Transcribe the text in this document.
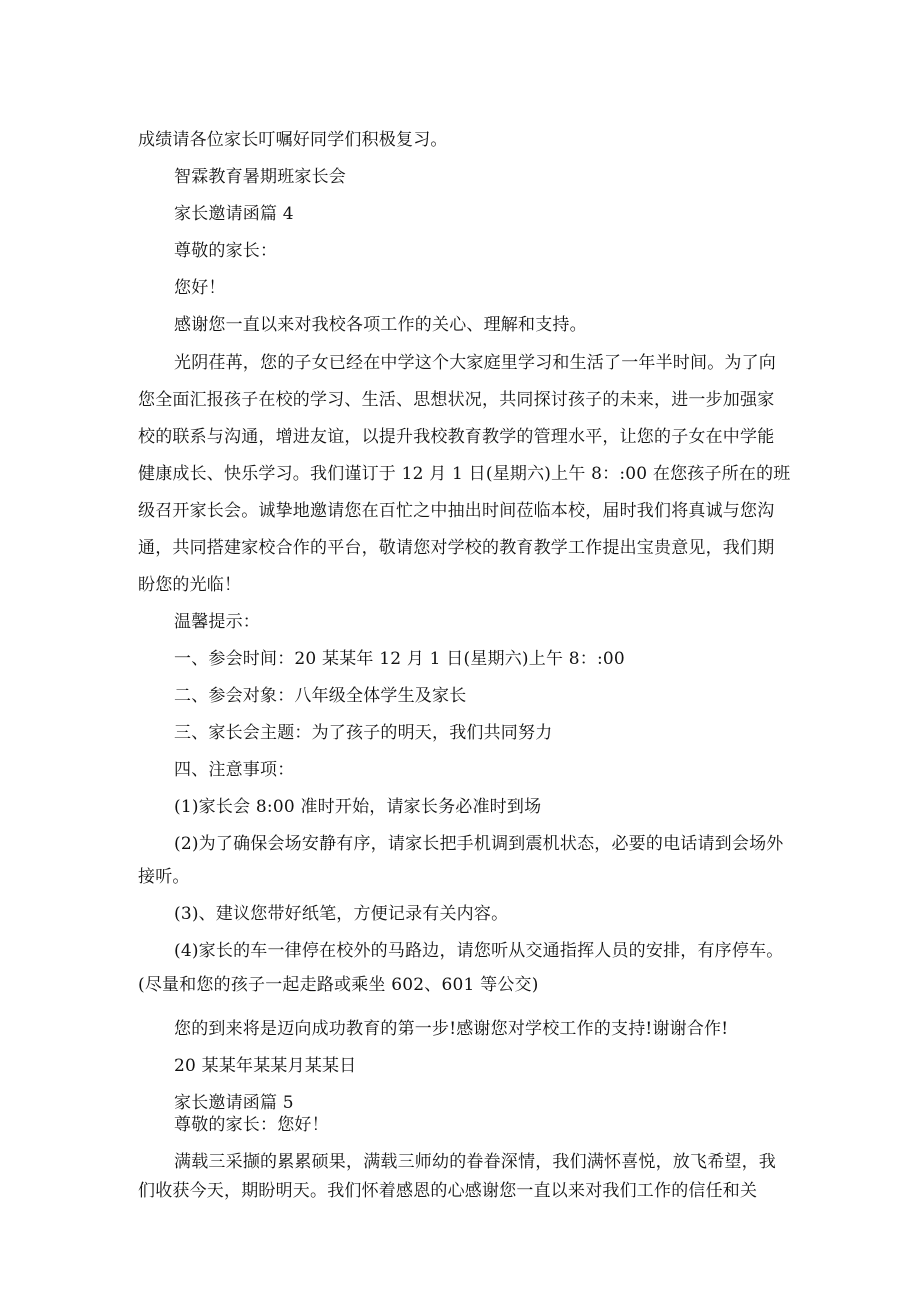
成绩请各位家长叮嘱好同学们积极复习。
智霖教育暑期班家长会
家长邀请函篇 4
尊敬的家长：
您好！
感谢您一直以来对我校各项工作的关心、理解和支持。
光阴荏苒，您的子女已经在中学这个大家庭里学习和生活了一年半时间。为了向
您全面汇报孩子在校的学习、生活、思想状况，共同探讨孩子的未来，进一步加强家
校的联系与沟通，增进友谊，以提升我校教育教学的管理水平，让您的子女在中学能
健康成长、快乐学习。我们谨订于 12 月 1 日(星期六)上午 8：:00 在您孩子所在的班
级召开家长会。诚挚地邀请您在百忙之中抽出时间莅临本校，届时我们将真诚与您沟
通，共同搭建家校合作的平台，敬请您对学校的教育教学工作提出宝贵意见，我们期
盼您的光临！
温馨提示：
一、参会时间：20 某某年 12 月 1 日(星期六)上午 8：:00
二、参会对象：八年级全体学生及家长
三、家长会主题：为了孩子的明天，我们共同努力
四、注意事项：
(1)家长会 8:00 准时开始，请家长务必准时到场
(2)为了确保会场安静有序，请家长把手机调到震机状态，必要的电话请到会场外
接听。
(3)、建议您带好纸笔，方便记录有关内容。
(4)家长的车一律停在校外的马路边，请您听从交通指挥人员的安排，有序停车。
(尽量和您的孩子一起走路或乘坐 602、601 等公交)
您的到来将是迈向成功教育的第一步!感谢您对学校工作的支持!谢谢合作!
20 某某年某某月某某日
家长邀请函篇 5
尊敬的家长：您好！
满载三采撷的累累硕果，满载三师幼的眷眷深情，我们满怀喜悦，放飞希望，我
们收获今天，期盼明天。我们怀着感恩的心感谢您一直以来对我们工作的信任和关
